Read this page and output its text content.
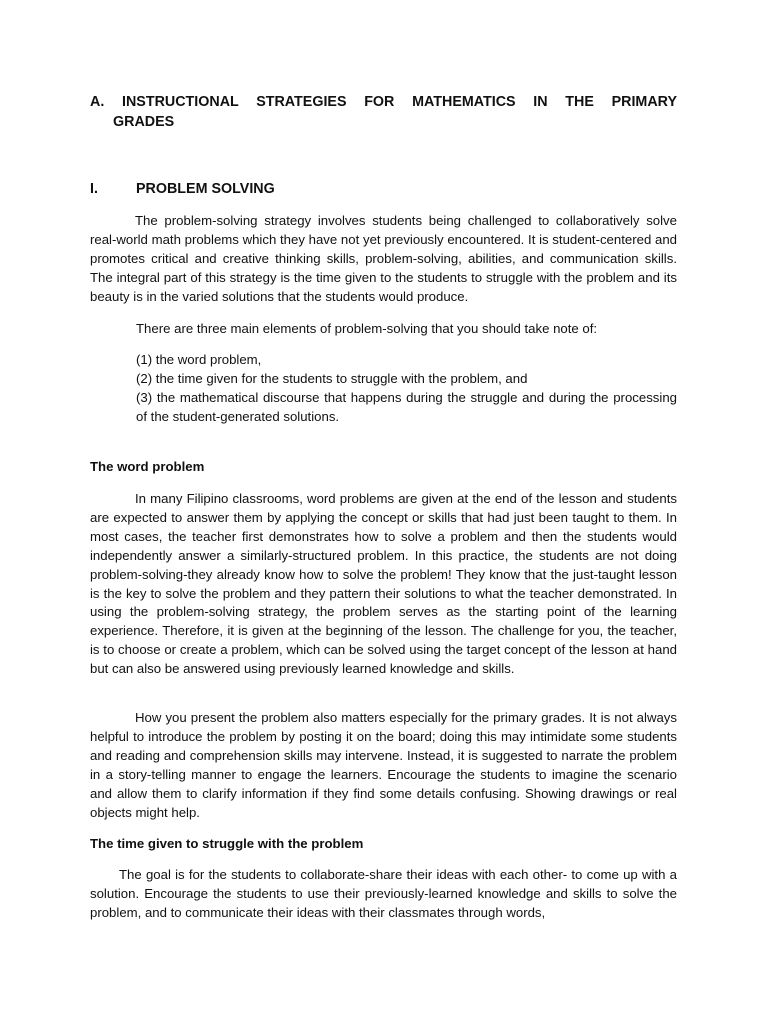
A. INSTRUCTIONAL STRATEGIES FOR MATHEMATICS IN THE PRIMARY
GRADES
I.	PROBLEM SOLVING

The problem-solving strategy involves students being challenged to collaboratively solve real-world math problems which they have not yet previously encountered. It is student-centered and promotes critical and creative thinking skills, problem-solving, abilities, and communication skills. The integral part of this strategy is the time given to the students to struggle with the problem and its beauty is in the varied solutions that the students would produce.

There are three main elements of problem-solving that you should take note of:

(1) the word problem,
(2) the time given for the students to struggle with the problem, and
(3) the mathematical discourse that happens during the struggle and during the processing of the student-generated solutions.
The word problem

In many Filipino classrooms, word problems are given at the end of the lesson and students are expected to answer them by applying the concept or skills that had just been taught to them. In most cases, the teacher first demonstrates how to solve a problem and then the students would independently answer a similarly-structured problem. In this practice, the students are not doing problem-solving-they already know how to solve the problem! They know that the just-taught lesson is the key to solve the problem and they pattern their solutions to what the teacher demonstrated. In using the problem-solving strategy, the problem serves as the starting point of the learning experience. Therefore, it is given at the beginning of the lesson. The challenge for you, the teacher, is to choose or create a problem, which can be solved using the target concept of the lesson at hand but can also be answered using previously learned knowledge and skills.

How you present the problem also matters especially for the primary grades. It is not always helpful to introduce the problem by posting it on the board; doing this may intimidate some students and reading and comprehension skills may intervene. Instead, it is suggested to narrate the problem in a story-telling manner to engage the learners. Encourage the students to imagine the scenario and allow them to clarify information if they find some details confusing. Showing drawings or real objects might help.

The time given to struggle with the problem

The goal is for the students to collaborate-share their ideas with each other- to come up with a solution. Encourage the students to use their previously-learned knowledge and skills to solve the problem, and to communicate their ideas with their classmates through words,
